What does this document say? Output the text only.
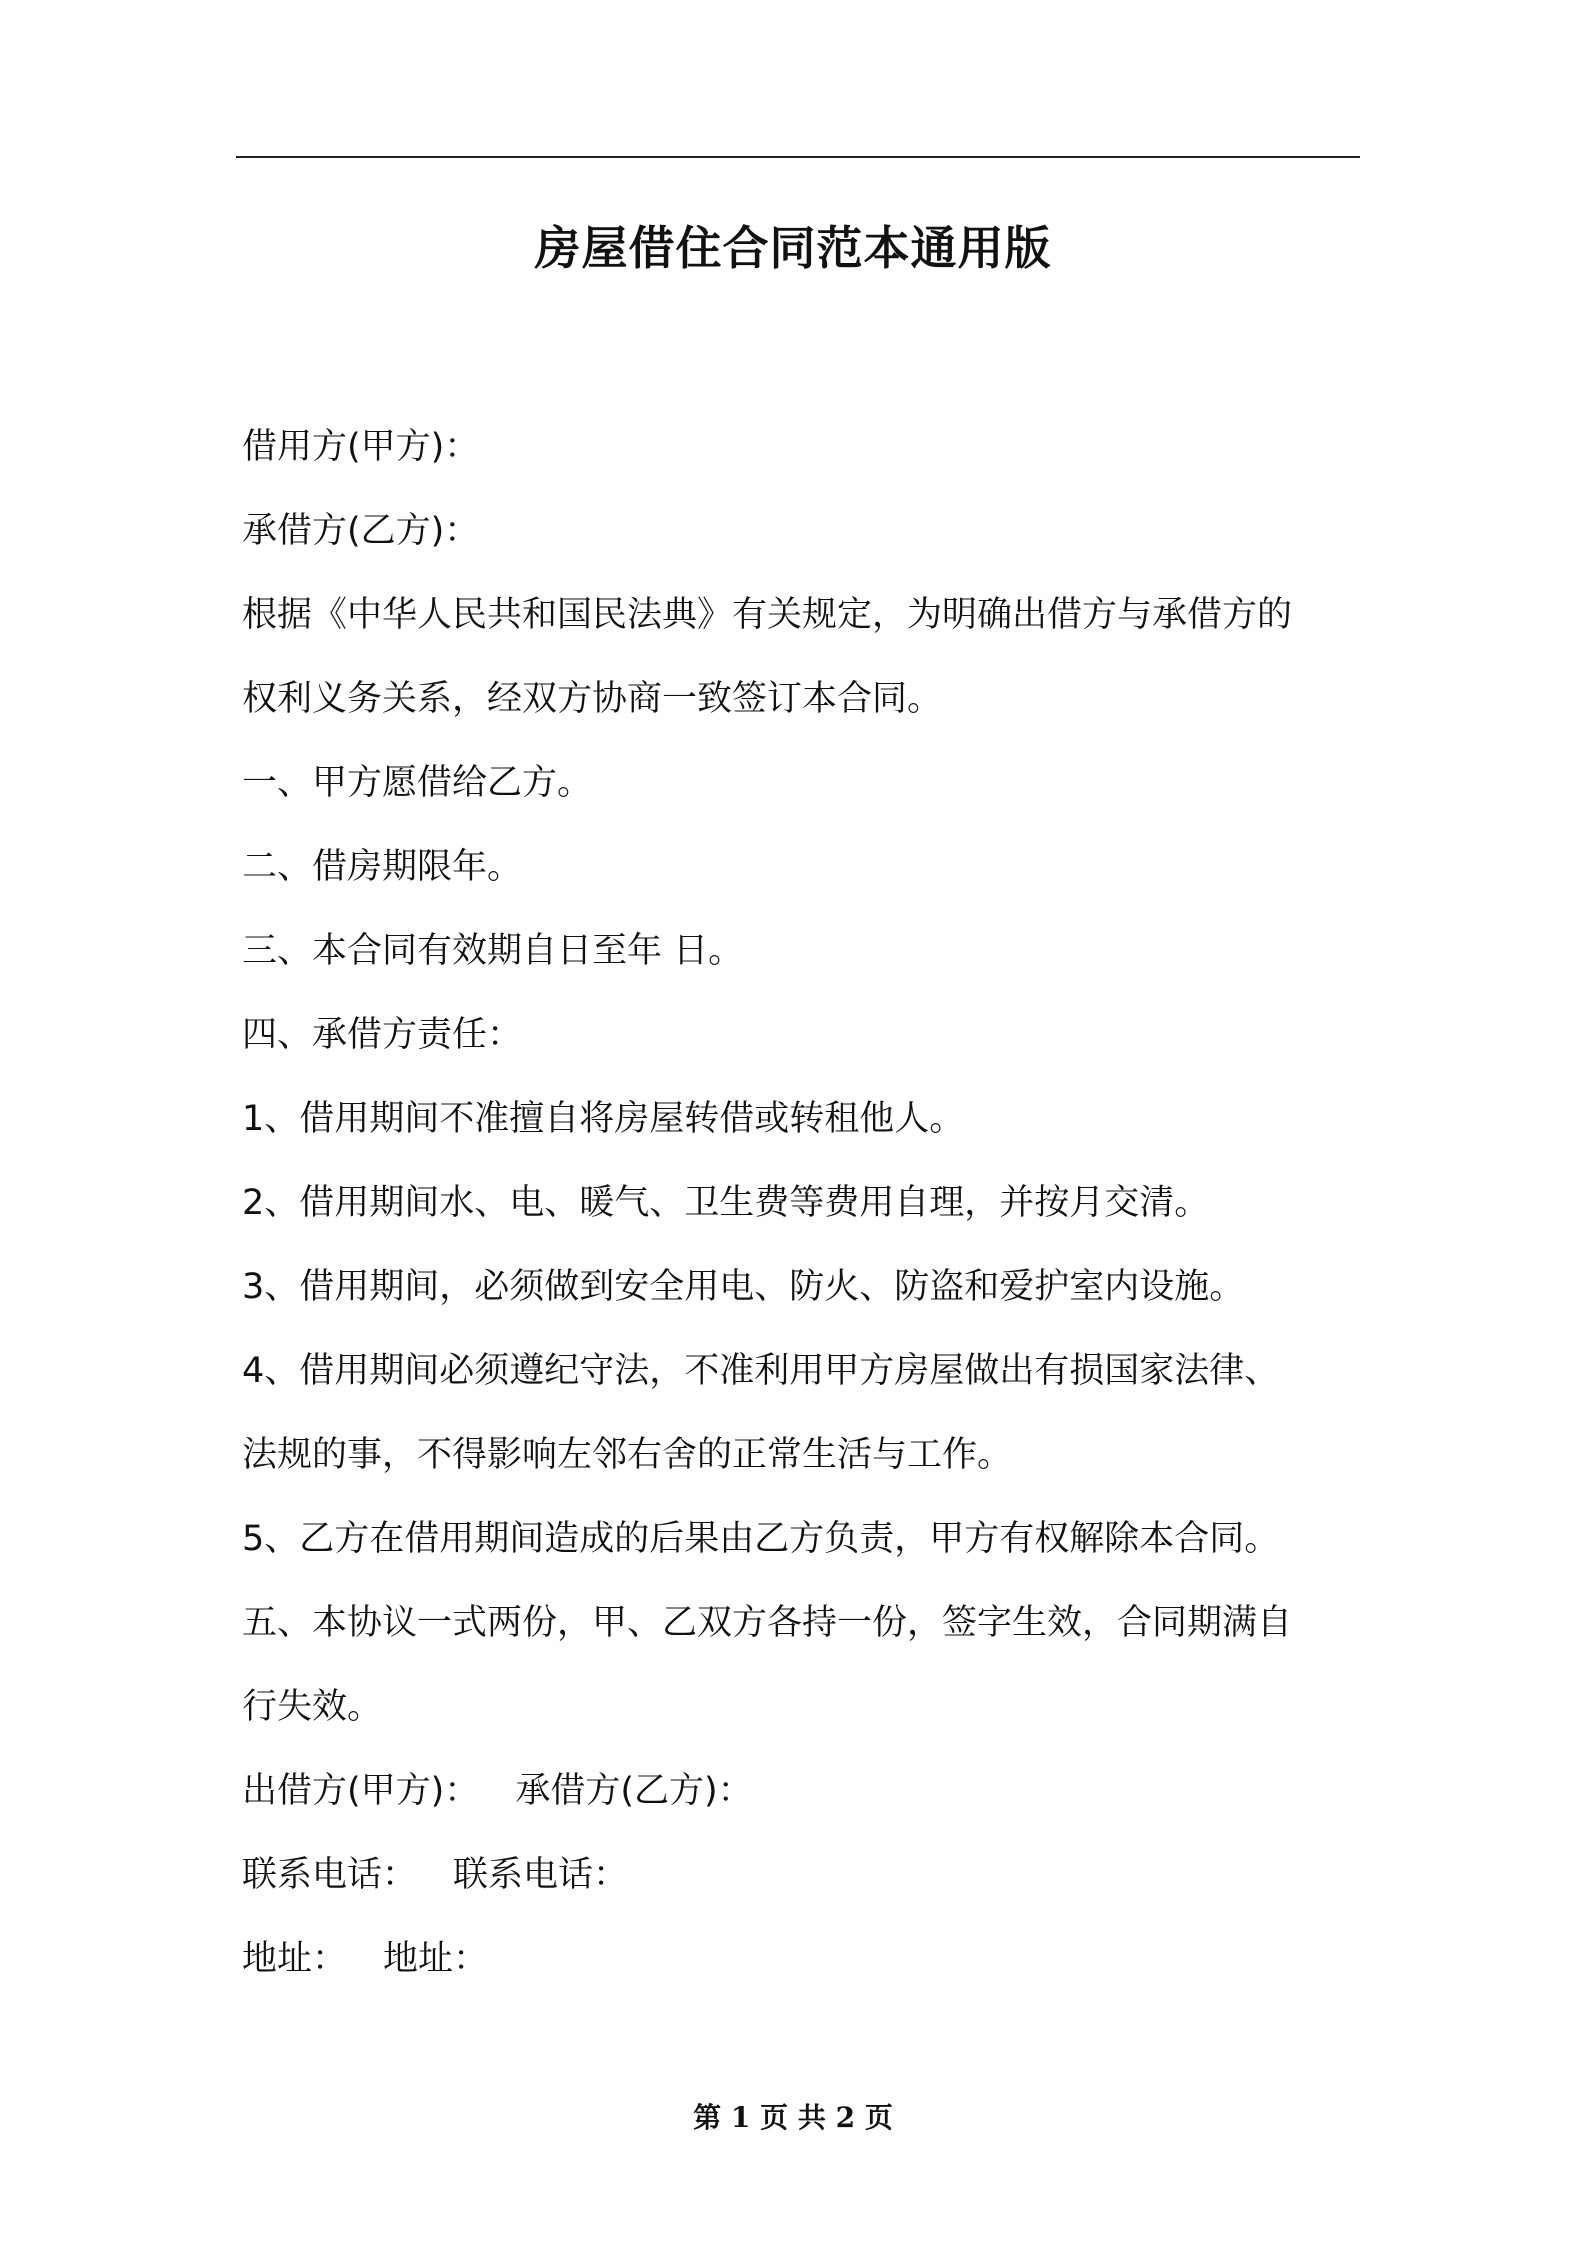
房屋借住合同范本通用版
借用方(甲方)：
承借方(乙方)：
根据《中华人民共和国民法典》有关规定，为明确出借方与承借方的
权利义务关系，经双方协商一致签订本合同。
一、甲方愿借给乙方。
二、借房期限年。
三、本合同有效期自日至年 日。
四、承借方责任：
1、借用期间不准擅自将房屋转借或转租他人。
2、借用期间水、电、暖气、卫生费等费用自理，并按月交清。
3、借用期间，必须做到安全用电、防火、防盗和爱护室内设施。
4、借用期间必须遵纪守法，不准利用甲方房屋做出有损国家法律、
法规的事，不得影响左邻右舍的正常生活与工作。
5、乙方在借用期间造成的后果由乙方负责，甲方有权解除本合同。
五、本协议一式两份，甲、乙双方各持一份，签字生效，合同期满自
行失效。
出借方(甲方)： 承借方(乙方)：
联系电话： 联系电话：
地址： 地址：
第 1 页 共 2 页
